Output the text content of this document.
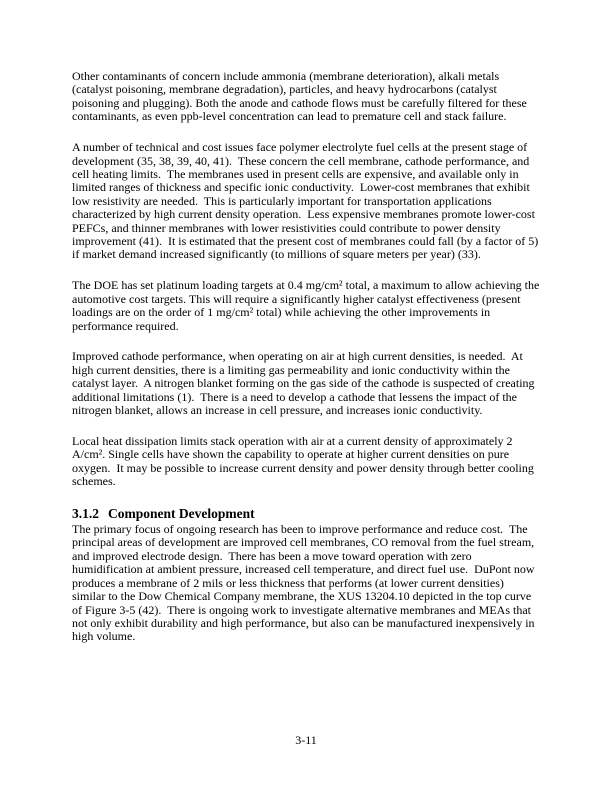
Other contaminants of concern include ammonia (membrane deterioration), alkali metals (catalyst poisoning, membrane degradation), particles, and heavy hydrocarbons (catalyst poisoning and plugging). Both the anode and cathode flows must be carefully filtered for these contaminants, as even ppb-level concentration can lead to premature cell and stack failure.

A number of technical and cost issues face polymer electrolyte fuel cells at the present stage of development (35, 38, 39, 40, 41).  These concern the cell membrane, cathode performance, and cell heating limits.  The membranes used in present cells are expensive, and available only in limited ranges of thickness and specific ionic conductivity.  Lower-cost membranes that exhibit low resistivity are needed.  This is particularly important for transportation applications characterized by high current density operation.  Less expensive membranes promote lower-cost PEFCs, and thinner membranes with lower resistivities could contribute to power density improvement (41).  It is estimated that the present cost of membranes could fall (by a factor of 5) if market demand increased significantly (to millions of square meters per year) (33).

The DOE has set platinum loading targets at 0.4 mg/cm² total, a maximum to allow achieving the automotive cost targets. This will require a significantly higher catalyst effectiveness (present loadings are on the order of 1 mg/cm² total) while achieving the other improvements in performance required.

Improved cathode performance, when operating on air at high current densities, is needed.  At high current densities, there is a limiting gas permeability and ionic conductivity within the catalyst layer.  A nitrogen blanket forming on the gas side of the cathode is suspected of creating additional limitations (1).  There is a need to develop a cathode that lessens the impact of the nitrogen blanket, allows an increase in cell pressure, and increases ionic conductivity.

Local heat dissipation limits stack operation with air at a current density of approximately 2 A/cm². Single cells have shown the capability to operate at higher current densities on pure oxygen.  It may be possible to increase current density and power density through better cooling schemes.

3.1.2 Component Development

The primary focus of ongoing research has been to improve performance and reduce cost.  The principal areas of development are improved cell membranes, CO removal from the fuel stream, and improved electrode design.  There has been a move toward operation with zero humidification at ambient pressure, increased cell temperature, and direct fuel use.  DuPont now produces a membrane of 2 mils or less thickness that performs (at lower current densities) similar to the Dow Chemical Company membrane, the XUS 13204.10 depicted in the top curve of Figure 3-5 (42).  There is ongoing work to investigate alternative membranes and MEAs that not only exhibit durability and high performance, but also can be manufactured inexpensively in high volume.

3-11
